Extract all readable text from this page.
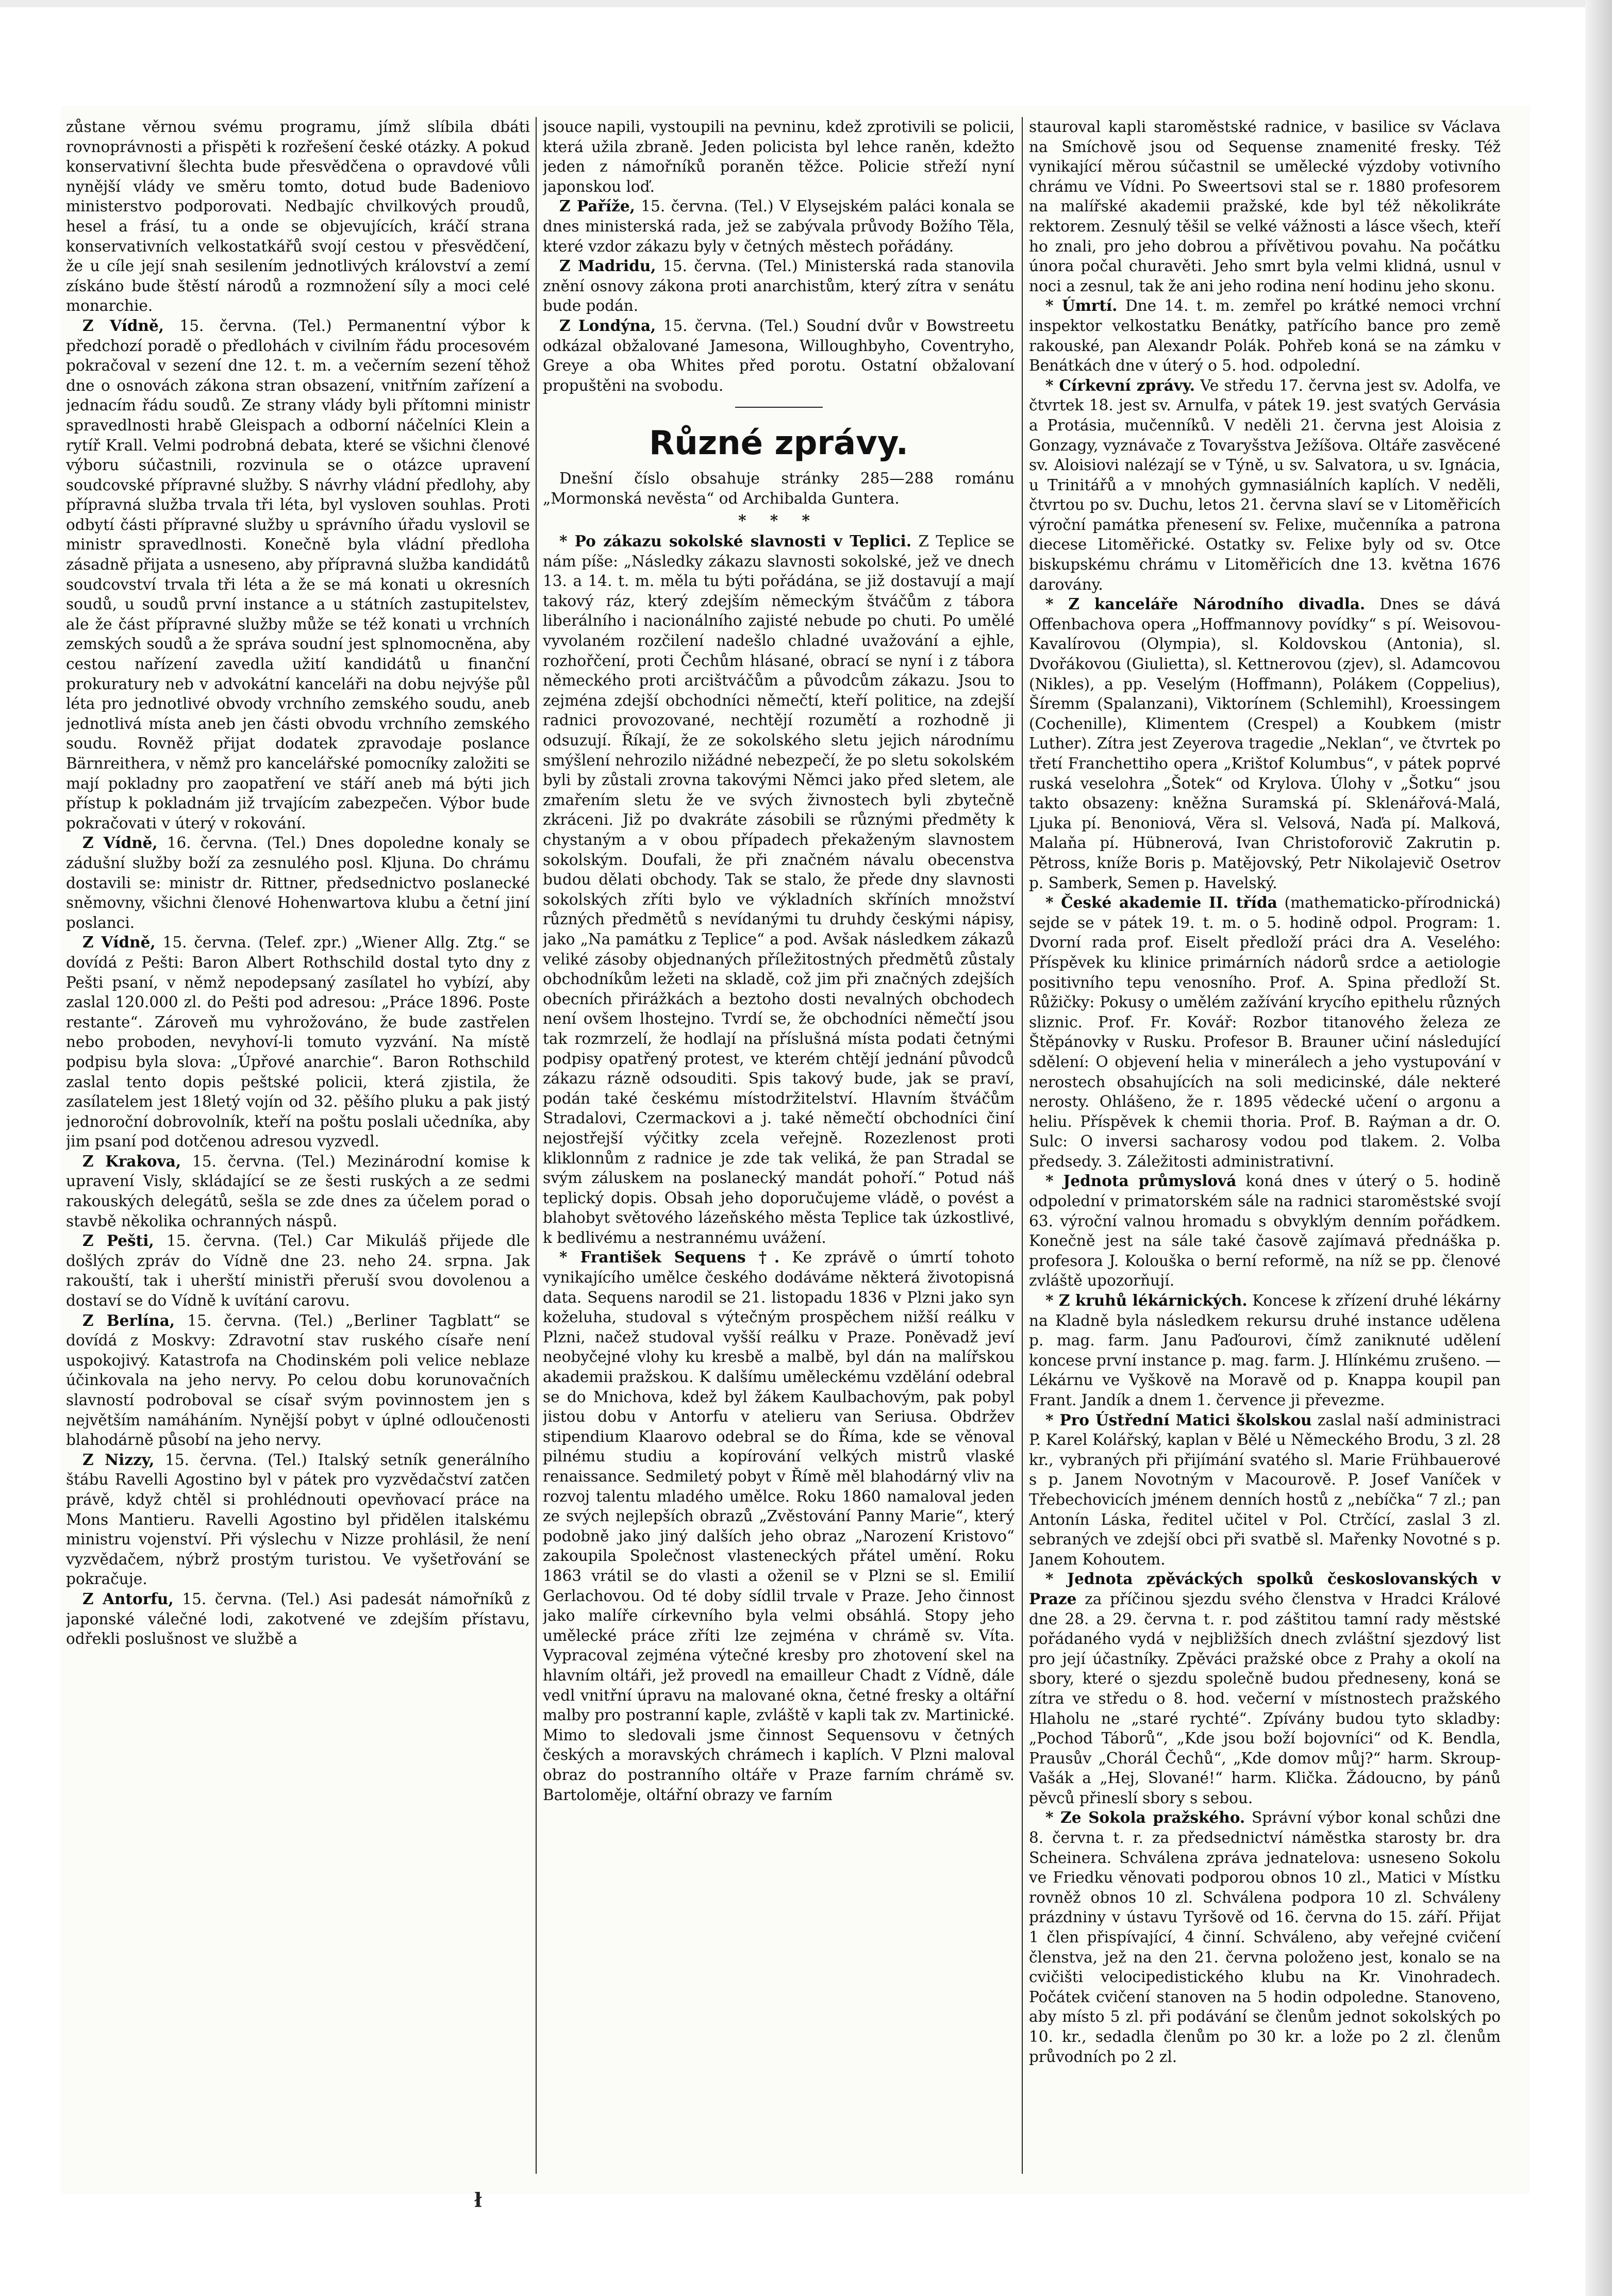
zůstane věrnou svému programu, jímž slíbila dbáti rovnoprávnosti a přispěti k rozřešení české otázky. A pokud konservativní šlechta bude přesvědčena o opravdové vůli nynější vlády ve směru tomto, dotud bude Badeniovo ministerstvo podporovati. Nedbajíc chvilkových proudů, hesel a frásí, tu a onde se objevujících, kráčí strana konservativních velkostatkářů svojí cestou v přesvědčení, že u cíle její snah sesilením jednotlivých království a zemí získáno bude štěstí národů a rozmnožení síly a moci celé monarchie.

Z Vídně, 15. června. (Tel.) Permanentní výbor k předchozí poradě o předlohách v civilním řádu procesovém pokračoval v sezení dne 12. t. m. a večerním sezení těhož dne o osnovách zákona stran obsazení, vnitřním zařízení a jednacím řádu soudů. Ze strany vlády byli přítomni ministr spravedlnosti hrabě Gleispach a odborní náčelníci Klein a rytíř Krall. Velmi podrobná debata, které se všichni členové výboru súčastnili, rozvinula se o otázce upravení soudcovské přípravné služby. S návrhy vládní předlohy, aby přípravná služba trvala tři léta, byl vysloven souhlas. Proti odbytí části přípravné služby u správního úřadu vyslovil se ministr spravedlnosti. Konečně byla vládní předloha zásadně přijata a usneseno, aby přípravná služba kandidátů soudcovství trvala tři léta a že se má konati u okresních soudů, u soudů první instance a u státních zastupitelstev, ale že část přípravné služby může se též konati u vrchních zemských soudů a že správa soudní jest splnomocněna, aby cestou nařízení zavedla užití kandidátů u finanční prokuratury neb v advokátní kanceláři na dobu nejvýše půl léta pro jednotlivé obvody vrchního zemského soudu, aneb jednotlivá místa aneb jen části obvodu vrchního zemského soudu. Rovněž přijat dodatek zpravodaje poslance Bärnreithera, v němž pro kancelářské pomocníky založiti se mají pokladny pro zaopatření ve stáří aneb má býti jich přístup k pokladnám již trvajícím zabezpečen. Výbor bude pokračovati v úterý v rokování.

Z Vídně, 16. června. (Tel.) Dnes dopoledne konaly se zádušní služby boží za zesnulého posl. Kljuna. Do chrámu dostavili se: ministr dr. Rittner, předsednictvo poslanecké sněmovny, všichni členové Hohenwartova klubu a četní jiní poslanci.

Z Vídně, 15. června. (Telef. zpr.) „Wiener Allg. Ztg.“ se dovídá z Pešti: Baron Albert Rothschild dostal tyto dny z Pešti psaní, v němž nepodepsaný zasílatel ho vybízí, aby zaslal 120.000 zl. do Pešti pod adresou: „Práce 1896. Poste restante“. Zároveň mu vyhrožováno, že bude zastřelen nebo proboden, nevyhoví-li tomuto vyzvání. Na místě podpisu byla slova: „Úpřové anarchie“. Baron Rothschild zaslal tento dopis peštské policii, která zjistila, že zasílatelem jest 18letý vojín od 32. pěšího pluku a pak jistý jednoroční dobrovolník, kteří na poštu poslali učedníka, aby jim psaní pod dotčenou adresou vyzvedl.

Z Krakova, 15. června. (Tel.) Mezinárodní komise k upravení Visly, skládající se ze šesti ruských a ze sedmi rakouských delegátů, sešla se zde dnes za účelem porad o stavbě několika ochranných náspů.

Z Pešti, 15. června. (Tel.) Car Mikuláš přijede dle došlých zpráv do Vídně dne 23. neho 24. srpna. Jak rakouští, tak i uherští ministři přeruší svou dovolenou a dostaví se do Vídně k uvítání carovu.

Z Berlína, 15. června. (Tel.) „Berliner Tagblatt“ se dovídá z Moskvy: Zdravotní stav ruského císaře není uspokojivý. Katastrofa na Chodinském poli velice neblaze účinkovala na jeho nervy. Po celou dobu korunovačních slavností podroboval se císař svým povinnostem jen s největším namáháním. Nynější pobyt v úplné odloučenosti blahodárně působí na jeho nervy.

Z Nizzy, 15. června. (Tel.) Italský setník generálního štábu Ravelli Agostino byl v pátek pro vyzvědačství zatčen právě, když chtěl si prohlédnouti opevňovací práce na Mons Mantieru. Ravelli Agostino byl přidělen italskému ministru vojenství. Při výslechu v Nizze prohlásil, že není vyzvědačem, nýbrž prostým turistou. Ve vyšetřování se pokračuje.

Z Antorfu, 15. června. (Tel.) Asi padesát námořníků z japonské válečné lodi, zakotvené ve zdejším přístavu, odřekli poslušnost ve službě a

jsouce napili, vystoupili na pevninu, kdež zprotivili se policii, která užila zbraně. Jeden policista byl lehce raněn, kdežto jeden z námořníků poraněn těžce. Policie střeží nyní japonskou loď.

Z Paříže, 15. června. (Tel.) V Elysejském paláci konala se dnes ministerská rada, jež se zabývala průvody Božího Těla, které vzdor zákazu byly v četných městech pořádány.

Z Madridu, 15. června. (Tel.) Ministerská rada stanovila znění osnovy zákona proti anarchistům, který zítra v senátu bude podán.

Z Londýna, 15. června. (Tel.) Soudní dvůr v Bowstreetu odkázal obžalované Jamesona, Willoughbyho, Coventryho, Greye a oba Whites před porotu. Ostatní obžalovaní propuštěni na svobodu.

Různé zprávy.

Dnešní číslo obsahuje stránky 285—288 románu „Mormonská nevěsta“ od Archibalda Guntera.

* * *

* Po zákazu sokolské slavnosti v Teplici. Z Teplice se nám píše: „Následky zákazu slavnosti sokolské, jež ve dnech 13. a 14. t. m. měla tu býti pořádána, se již dostavují a mají takový ráz, který zdejším německým štváčům z tábora liberálního i nacionálního zajisté nebude po chuti. Po umělé vyvolaném rozčilení nadešlo chladné uvažování a ejhle, rozhořčení, proti Čechům hlásané, obrací se nyní i z tábora německého proti arcištváčům a původcům zákazu. Jsou to zejména zdejší obchodníci němečtí, kteří politice, na zdejší radnici provozované, nechtějí rozumětí a rozhodně ji odsuzují. Říkají, že ze sokolského sletu jejich národnímu smýšlení nehrozilo nižádné nebezpečí, že po sletu sokolském byli by zůstali zrovna takovými Němci jako před sletem, ale zmařením sletu že ve svých živnostech byli zbytečně zkráceni. Již po dvakráte zásobili se různými předměty k chystaným a v obou případech překaženým slavnostem sokolským. Doufali, že při značném návalu obecenstva budou dělati obchody. Tak se stalo, že přede dny slavnosti sokolských zříti bylo ve výkladních skříních množství různých předmětů s nevídanými tu druhdy českými nápisy, jako „Na památku z Teplice“ a pod. Avšak následkem zákazů veliké zásoby objednaných příležitostných předmětů zůstaly obchodníkům ležeti na skladě, což jim při značných zdejších obecních přirážkách a beztoho dosti nevalných obchodech není ovšem lhostejno. Tvrdí se, že obchodníci němečtí jsou tak rozmrzelí, že hodlají na příslušná místa podati četnými podpisy opatřený protest, ve kterém chtějí jednání původců zákazu rázně odsouditi. Spis takový bude, jak se praví, podán také českému místodržitelství. Hlavním štváčům Stradalovi, Czermackovi a j. také němečtí obchodníci činí nejostřejší výčitky zcela veřejně. Rozezlenost proti kliklonnům z radnice je zde tak veliká, že pan Stradal se svým záluskem na poslanecký mandát pohoří.“ Potud náš teplický dopis. Obsah jeho doporučujeme vládě, o povést a blahobyt světového lázeňského města Teplice tak úzkostlivé, k bedlivému a nestrannému uvážení.

* František Sequens †. Ke zprávě o úmrtí tohoto vynikajícího umělce českého dodáváme některá životopisná data. Sequens narodil se 21. listopadu 1836 v Plzni jako syn koželuha, studoval s výtečným prospěchem nižší reálku v Plzni, načež studoval vyšší reálku v Praze. Poněvadž jeví neobyčejné vlohy ku kresbě a malbě, byl dán na malířskou akademii pražskou. K dalšímu uměleckému vzdělání odebral se do Mnichova, kdež byl žákem Kaulbachovým, pak pobyl jistou dobu v Antorfu v atelieru van Seriusa. Obdržev stipendium Klaarovo odebral se do Říma, kde se věnoval pilnému studiu a kopírování velkých mistrů vlaské renaissance. Sedmiletý pobyt v Římě měl blahodárný vliv na rozvoj talentu mladého umělce. Roku 1860 namaloval jeden ze svých nejlepších obrazů „Zvěstování Panny Marie“, který podobně jako jiný dalších jeho obraz „Narození Kristovo“ zakoupila Společnost vlasteneckých přátel umění. Roku 1863 vrátil se do vlasti a oženil se v Plzni se sl. Emilií Gerlachovou. Od té doby sídlil trvale v Praze. Jeho činnost jako malíře církevního byla velmi obsáhlá. Stopy jeho umělecké práce zříti lze zejména v chrámě sv. Víta. Vypracoval zejména výtečné kresby pro zhotovení skel na hlavním oltáři, jež provedl na emailleur Chadt z Vídně, dále vedl vnitřní úpravu na malované okna, četné fresky a oltářní malby pro postranní kaple, zvláště v kapli tak zv. Martinické. Mimo to sledovali jsme činnost Sequensovu v četných českých a moravských chrámech i kaplích. V Plzni maloval obraz do postranního oltáře v Praze farním chrámě sv. Bartoloměje, oltářní obrazy ve farním

stauroval kapli staroměstské radnice, v basilice sv Václava na Smíchově jsou od Sequense znamenité fresky. Též vynikající měrou súčastnil se umělecké výzdoby votivního chrámu ve Vídni. Po Sweertsovi stal se r. 1880 profesorem na malířské akademii pražské, kde byl též několikráte rektorem. Zesnulý těšil se velké vážnosti a lásce všech, kteří ho znali, pro jeho dobrou a přívětivou povahu. Na počátku února počal churavěti. Jeho smrt byla velmi klidná, usnul v noci a zesnul, tak že ani jeho rodina není hodinu jeho skonu.

* Úmrtí. Dne 14. t. m. zemřel po krátké nemoci vrchní inspektor velkostatku Benátky, patřícího bance pro země rakouské, pan Alexandr Polák. Pohřeb koná se na zámku v Benátkách dne v úterý o 5. hod. odpolední.

* Církevní zprávy. Ve středu 17. června jest sv. Adolfa, ve čtvrtek 18. jest sv. Arnulfa, v pátek 19. jest svatých Gervásia a Protásia, mučenníků. V neděli 21. června jest Aloisia z Gonzagy, vyznávače z Tovaryšstva Ježíšova. Oltáře zasvěcené sv. Aloisiovi nalézají se v Týně, u sv. Salvatora, u sv. Ignácia, u Trinitářů a v mnohých gymnasiálních kaplích. V neděli, čtvrtou po sv. Duchu, letos 21. června slaví se v Litoměřicích výroční památka přenesení sv. Felixe, mučenníka a patrona diecese Litoměřické. Ostatky sv. Felixe byly od sv. Otce biskupskému chrámu v Litoměřicích dne 13. května 1676 darovány.

* Z kanceláře Národního divadla. Dnes se dává Offenbachova opera „Hoffmannovy povídky“ s pí. Weisovou-Kavalírovou (Olympia), sl. Koldovskou (Antonia), sl. Dvořákovou (Giulietta), sl. Kettnerovou (zjev), sl. Adamcovou (Nikles), a pp. Veselým (Hoffmann), Polákem (Coppelius), Šíremm (Spalanzani), Viktorínem (Schlemihl), Kroessingem (Cochenille), Klimentem (Crespel) a Koubkem (mistr Luther). Zítra jest Zeyerova tragedie „Neklan“, ve čtvrtek po třetí Franchettiho opera „Krištof Kolumbus“, v pátek poprvé ruská veselohra „Šotek“ od Krylova. Úlohy v „Šotku“ jsou takto obsazeny: kněžna Suramská pí. Sklenářová-Malá, Ljuka pí. Benoniová, Věra sl. Velsová, Naďa pí. Malková, Malaňa pí. Hübnerová, Ivan Christoforovič Zakrutin p. Pětross, kníže Boris p. Matějovský, Petr Nikolajevič Osetrov p. Samberk, Semen p. Havelský.

* České akademie II. třída (mathematicko-přírodnická) sejde se v pátek 19. t. m. o 5. hodině odpol. Program: 1. Dvorní rada prof. Eiselt předloží práci dra A. Veselého: Příspěvek ku klinice primárních nádorů srdce a aetiologie positivního tepu venosního. Prof. A. Spina předloží St. Růžičky: Pokusy o umělém zažívání krycího epithelu různých sliznic. Prof. Fr. Kovář: Rozbor titanového železa ze Štěpánovky v Rusku. Profesor B. Brauner učiní následující sdělení: O objevení helia v minerálech a jeho vystupování v nerostech obsahujících na soli medicinské, dále nekteré nerosty. Ohlášeno, že r. 1895 vědecké učení o argonu a heliu. Příspěvek k chemii thoria. Prof. B. Raýman a dr. O. Sulc: O inversi sacharosy vodou pod tlakem. 2. Volba předsedy. 3. Záležitosti administrativní.

* Jednota průmyslová koná dnes v úterý o 5. hodině odpolední v primatorském sále na radnici staroměstské svojí 63. výroční valnou hromadu s obvyklým denním pořádkem. Konečně jest na sále také časově zajímavá přednáška p. profesora J. Kolouška o berní reformě, na níž se pp. členové zvláště upozorňují.

* Z kruhů lékárnických. Koncese k zřízení druhé lékárny na Kladně byla následkem rekursu druhé instance udělena p. mag. farm. Janu Paďourovi, čímž zaniknuté udělení koncese první instance p. mag. farm. J. Hlínkému zrušeno. — Lékárnu ve Vyškově na Moravě od p. Knappa koupil pan Frant. Jandík a dnem 1. července ji převezme.

* Pro Ústřední Matici školskou zaslal naší administraci P. Karel Kolářský, kaplan v Bělé u Německého Brodu, 3 zl. 28 kr., vybraných při přijímání svatého sl. Marie Frühbauerové s p. Janem Novotným v Macourově. P. Josef Vaníček v Třebechovicích jménem denních hostů z „nebíčka“ 7 zl.; pan Antonín Láska, ředitel učitel v Pol. Ctrčící, zaslal 3 zl. sebraných ve zdejší obci při svatbě sl. Mařenky Novotné s p. Janem Kohoutem.

* Jednota zpěváckých spolků českoslovanských v Praze za příčinou sjezdu svého členstva v Hradci Králové dne 28. a 29. června t. r. pod záštitou tamní rady městské pořádaného vydá v nejbližších dnech zvláštní sjezdový list pro její účastníky. Zpěváci pražské obce z Prahy a okolí na sbory, které o sjezdu společně budou předneseny, koná se zítra ve středu o 8. hod. večerní v místnostech pražského Hlaholu ne „staré rychté“. Zpívány budou tyto skladby: „Pochod Táborů“, „Kde jsou boží bojovníci“ od K. Bendla, Prausův „Chorál Čechů“, „Kde domov můj?“ harm. Skroup-Vašák a „Hej, Slované!“ harm. Klička. Žádoucno, by pánů pěvců přineslí sbory s sebou.

* Ze Sokola pražského. Správní výbor konal schůzi dne 8. června t. r. za předsednictví náměstka starosty br. dra Scheinera. Schválena zpráva jednatelova: usneseno Sokolu ve Friedku věnovati podporou obnos 10 zl., Matici v Místku rovněž obnos 10 zl. Schválena podpora 10 zl. Schváleny prázdniny v ústavu Tyršově od 16. června do 15. září. Přijat 1 člen přispívající, 4 činní. Schváleno, aby veřejné cvičení členstva, jež na den 21. června položeno jest, konalo se na cvičišti velocipedistického klubu na Kr. Vinohradech. Počátek cvičení stanoven na 5 hodin odpoledne. Stanoveno, aby místo 5 zl. při podávání se členům jednot sokolských po 10. kr., sedadla členům po 30 kr. a lože po 2 zl. členům průvodních po 2 zl.

ł
